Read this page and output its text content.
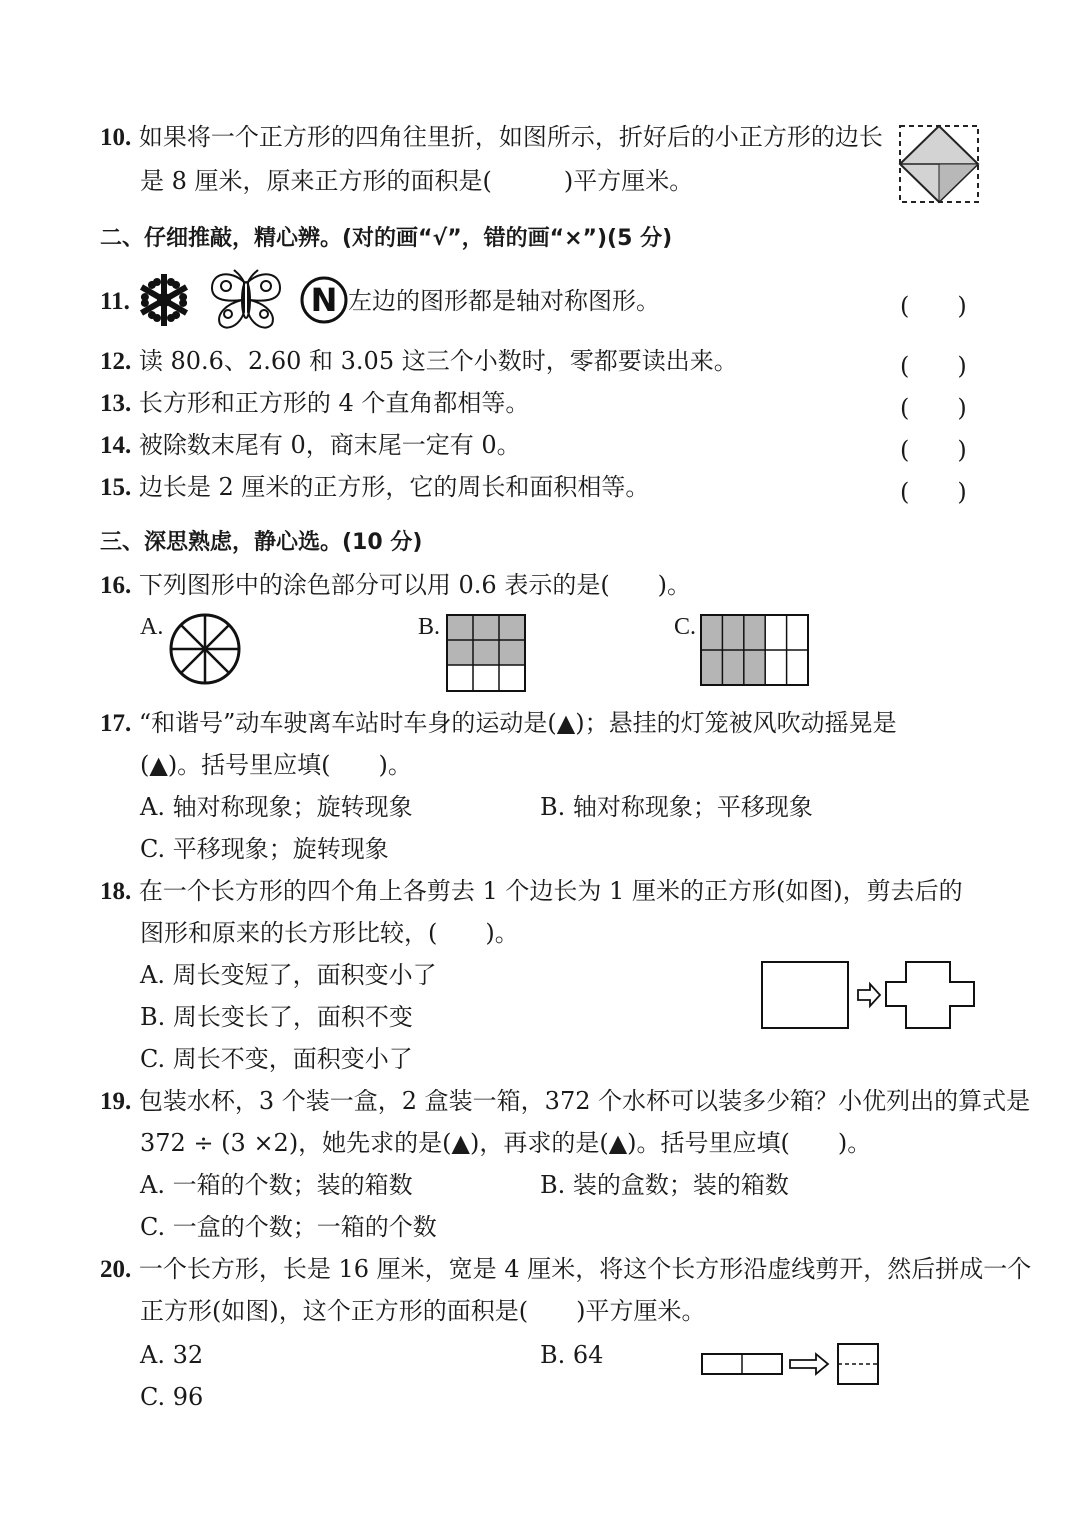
10. 如果将一个正方形的四角往里折，如图所示，折好后的小正方形的边长
是 8 厘米，原来正方形的面积是(　　　)平方厘米。
二、仔细推敲，精心辨。(对的画“√”，错的画“×”)(5 分)
11.	N 左边的图形都是轴对称图形。	(　　)
12. 读 80.6、2.60 和 3.05 这三个小数时，零都要读出来。	(　　)
13. 长方形和正方形的 4 个直角都相等。	(　　)
14. 被除数末尾有 0，商末尾一定有 0。	(　　)
15. 边长是 2 厘米的正方形，它的周长和面积相等。	(　　)
三、深思熟虑，静心选。(10 分)
16. 下列图形中的涂色部分可以用 0.6 表示的是(　　)。
A.	B.	C.
17. “和谐号”动车驶离车站时车身的运动是(▲)；悬挂的灯笼被风吹动摇晃是
(▲)。括号里应填(　　)。
A. 轴对称现象；旋转现象	B. 轴对称现象；平移现象
C. 平移现象；旋转现象
18. 在一个长方形的四个角上各剪去 1 个边长为 1 厘米的正方形(如图)，剪去后的
图形和原来的长方形比较，(　　)。
A. 周长变短了，面积变小了
B. 周长变长了，面积不变
C. 周长不变，面积变小了
19. 包装水杯，3 个装一盒，2 盒装一箱，372 个水杯可以装多少箱？小优列出的算式是
372 ÷ (3 ×2)，她先求的是(▲)，再求的是(▲)。括号里应填(　　)。
A. 一箱的个数；装的箱数	B. 装的盒数；装的箱数
C. 一盒的个数；一箱的个数
20. 一个长方形，长是 16 厘米，宽是 4 厘米，将这个长方形沿虚线剪开，然后拼成一个
正方形(如图)，这个正方形的面积是(　　)平方厘米。
A. 32	B. 64
C. 96
